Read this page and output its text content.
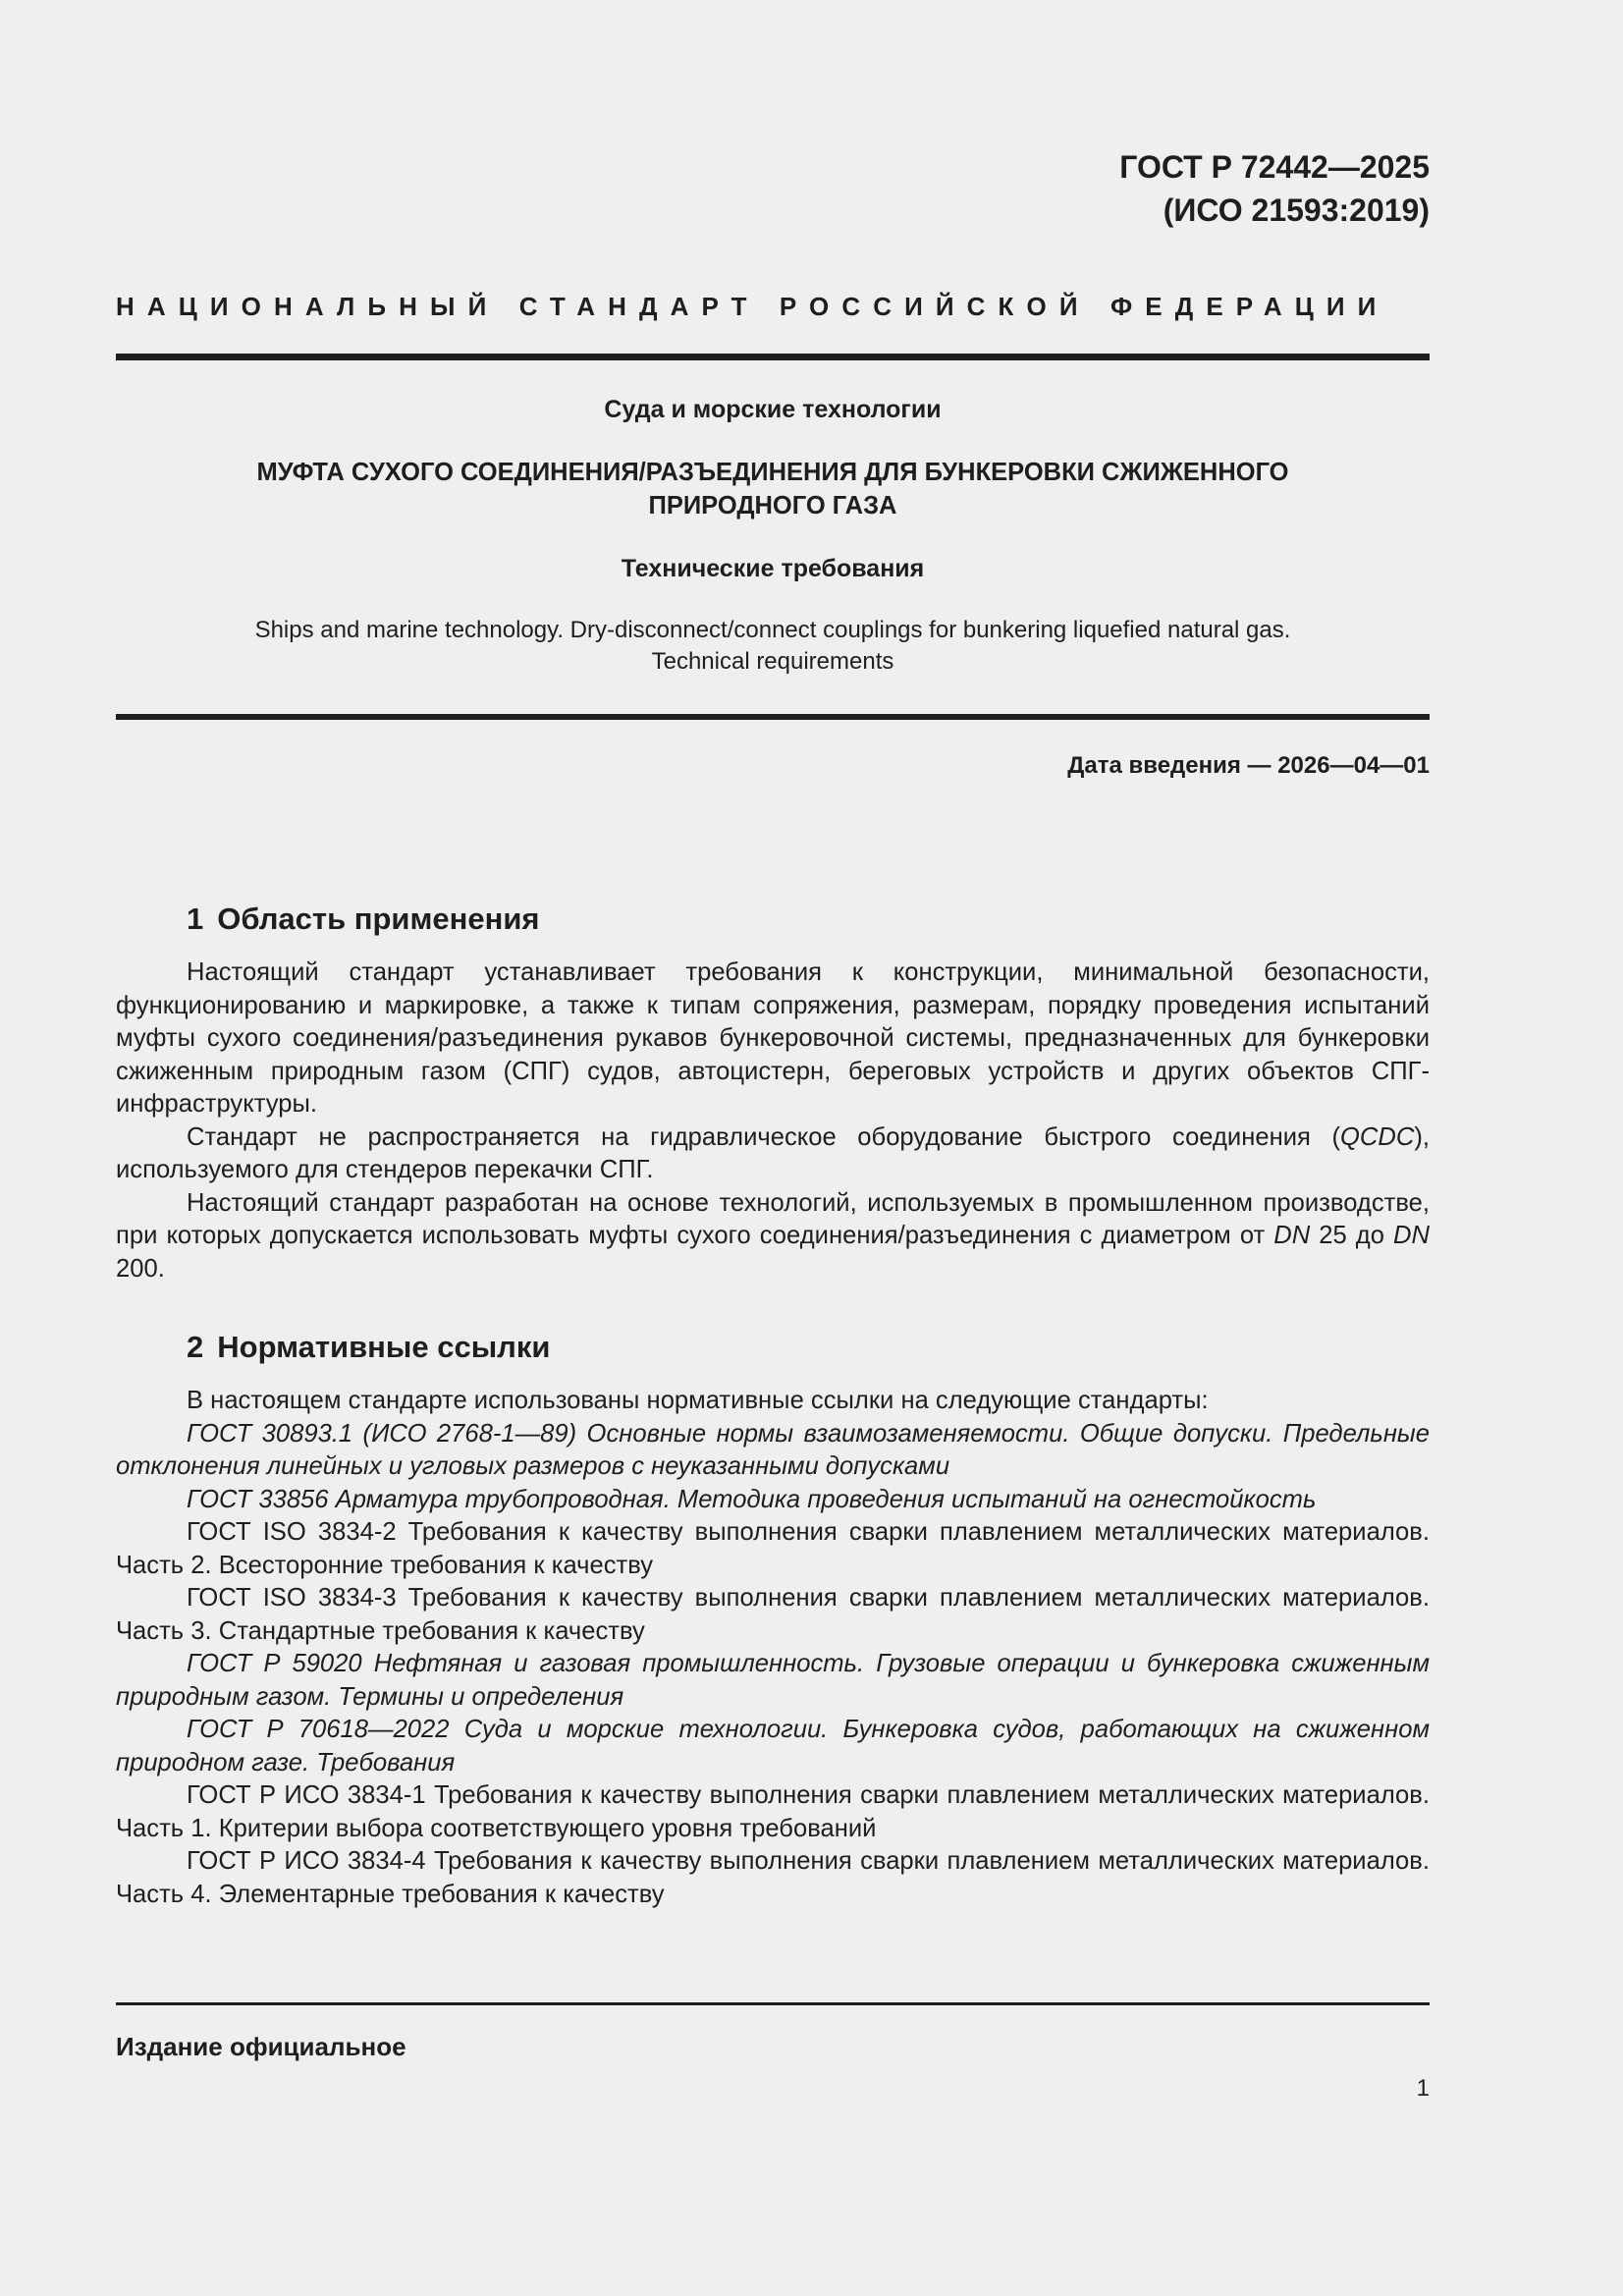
ГОСТ Р 72442—2025
(ИСО 21593:2019)
НАЦИОНАЛЬНЫЙ СТАНДАРТ РОССИЙСКОЙ ФЕДЕРАЦИИ
Суда и морские технологии
МУФТА СУХОГО СОЕДИНЕНИЯ/РАЗЪЕДИНЕНИЯ ДЛЯ БУНКЕРОВКИ СЖИЖЕННОГО
ПРИРОДНОГО ГАЗА
Технические требования
Ships and marine technology. Dry-disconnect/connect couplings for bunkering liquefied natural gas.
Technical requirements
Дата введения — 2026—04—01
1 Область применения

Настоящий стандарт устанавливает требования к конструкции, минимальной безопасности, функционированию и маркировке, а также к типам сопряжения, размерам, порядку проведения испытаний муфты сухого соединения/разъединения рукавов бункеровочной системы, предназначенных для бункеровки сжиженным природным газом (СПГ) судов, автоцистерн, береговых устройств и других объектов СПГ-инфраструктуры.

Стандарт не распространяется на гидравлическое оборудование быстрого соединения (QCDC), используемого для стендеров перекачки СПГ.

Настоящий стандарт разработан на основе технологий, используемых в промышленном производстве, при которых допускается использовать муфты сухого соединения/разъединения с диаметром от DN 25 до DN 200.

2 Нормативные ссылки

В настоящем стандарте использованы нормативные ссылки на следующие стандарты:

ГОСТ 30893.1 (ИСО 2768-1—89) Основные нормы взаимозаменяемости. Общие допуски. Предельные отклонения линейных и угловых размеров с неуказанными допусками

ГОСТ 33856 Арматура трубопроводная. Методика проведения испытаний на огнестойкость

ГОСТ ISO 3834-2 Требования к качеству выполнения сварки плавлением металлических материалов. Часть 2. Всесторонние требования к качеству

ГОСТ ISO 3834-3 Требования к качеству выполнения сварки плавлением металлических материалов. Часть 3. Стандартные требования к качеству

ГОСТ Р 59020 Нефтяная и газовая промышленность. Грузовые операции и бункеровка сжиженным природным газом. Термины и определения

ГОСТ Р 70618—2022 Суда и морские технологии. Бункеровка судов, работающих на сжиженном природном газе. Требования

ГОСТ Р ИСО 3834-1 Требования к качеству выполнения сварки плавлением металлических материалов. Часть 1. Критерии выбора соответствующего уровня требований

ГОСТ Р ИСО 3834-4 Требования к качеству выполнения сварки плавлением металлических материалов. Часть 4. Элементарные требования к качеству

Издание официальное
1
